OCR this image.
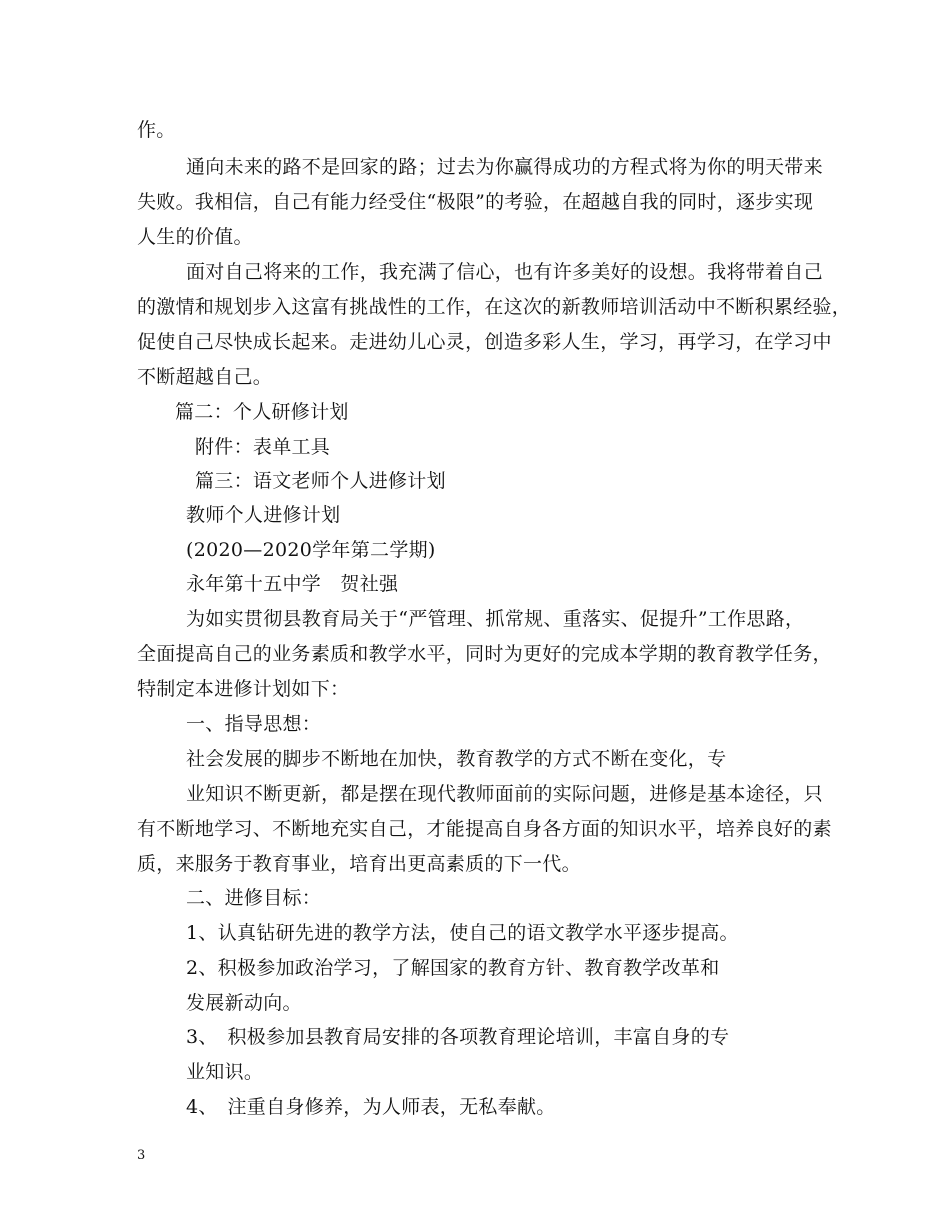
作。
通向未来的路不是回家的路；过去为你赢得成功的方程式将为你的明天带来
失败。我相信，自己有能力经受住“极限”的考验，在超越自我的同时，逐步实现
人生的价值。
面对自己将来的工作，我充满了信心，也有许多美好的设想。我将带着自己
的激情和规划步入这富有挑战性的工作，在这次的新教师培训活动中不断积累经验，
促使自己尽快成长起来。走进幼儿心灵，创造多彩人生，学习，再学习，在学习中
不断超越自己。
篇二：个人研修计划
附件：表单工具
篇三：语文老师个人进修计划
教师个人进修计划
(2020—2020学年第二学期)
永年第十五中学　贺社强
为如实贯彻县教育局关于“严管理、抓常规、重落实、促提升”工作思路，
全面提高自己的业务素质和教学水平，同时为更好的完成本学期的教育教学任务，
特制定本进修计划如下：
一、指导思想：
社会发展的脚步不断地在加快，教育教学的方式不断在变化，专
业知识不断更新，都是摆在现代教师面前的实际问题，进修是基本途径，只
有不断地学习、不断地充实自己，才能提高自身各方面的知识水平，培养良好的素
质，来服务于教育事业，培育出更高素质的下一代。
二、进修目标：
1、认真钻研先进的教学方法，使自己的语文教学水平逐步提高。
2、积极参加政治学习，了解国家的教育方针、教育教学改革和
发展新动向。
3、　积极参加县教育局安排的各项教育理论培训，丰富自身的专
业知识。
4、　注重自身修养，为人师表，无私奉献。
3
